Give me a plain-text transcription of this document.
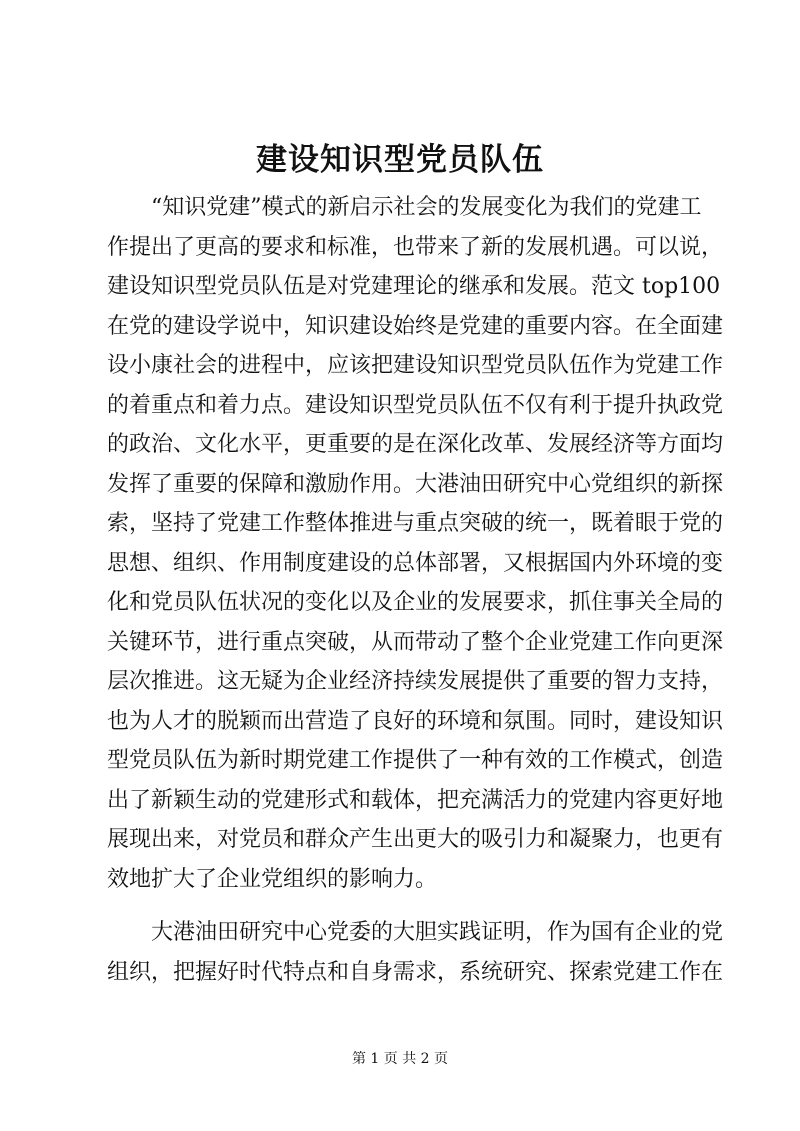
建设知识型党员队伍
“知识党建”模式的新启示社会的发展变化为我们的党建工
作提出了更高的要求和标准，也带来了新的发展机遇。可以说，
建设知识型党员队伍是对党建理论的继承和发展。范文 top100
在党的建设学说中，知识建设始终是党建的重要内容。在全面建
设小康社会的进程中，应该把建设知识型党员队伍作为党建工作
的着重点和着力点。建设知识型党员队伍不仅有利于提升执政党
的政治、文化水平，更重要的是在深化改革、发展经济等方面均
发挥了重要的保障和激励作用。大港油田研究中心党组织的新探
索，坚持了党建工作整体推进与重点突破的统一，既着眼于党的
思想、组织、作用制度建设的总体部署，又根据国内外环境的变
化和党员队伍状况的变化以及企业的发展要求，抓住事关全局的
关键环节，进行重点突破，从而带动了整个企业党建工作向更深
层次推进。这无疑为企业经济持续发展提供了重要的智力支持，
也为人才的脱颖而出营造了良好的环境和氛围。同时，建设知识
型党员队伍为新时期党建工作提供了一种有效的工作模式，创造
出了新颖生动的党建形式和载体，把充满活力的党建内容更好地
展现出来，对党员和群众产生出更大的吸引力和凝聚力，也更有
效地扩大了企业党组织的影响力。
大港油田研究中心党委的大胆实践证明，作为国有企业的党
组织，把握好时代特点和自身需求，系统研究、探索党建工作在
第 1 页 共 2 页
